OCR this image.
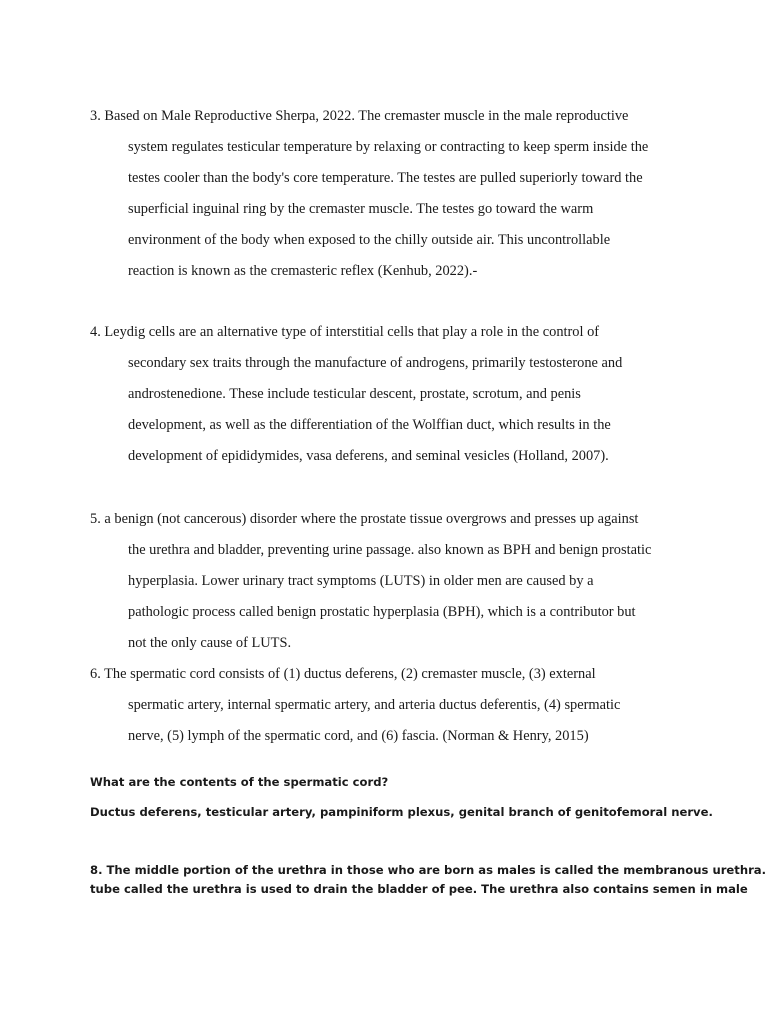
3. Based on Male Reproductive Sherpa, 2022. The cremaster muscle in the male reproductive
system regulates testicular temperature by relaxing or contracting to keep sperm inside the
testes cooler than the body's core temperature. The testes are pulled superiorly toward the
superficial inguinal ring by the cremaster muscle. The testes go toward the warm
environment of the body when exposed to the chilly outside air. This uncontrollable
reaction is known as the cremasteric reflex (Kenhub, 2022).-
4. Leydig cells are an alternative type of interstitial cells that play a role in the control of
secondary sex traits through the manufacture of androgens, primarily testosterone and
androstenedione. These include testicular descent, prostate, scrotum, and penis
development, as well as the differentiation of the Wolffian duct, which results in the
development of epididymides, vasa deferens, and seminal vesicles (Holland, 2007).
5. a benign (not cancerous) disorder where the prostate tissue overgrows and presses up against
the urethra and bladder, preventing urine passage. also known as BPH and benign prostatic
hyperplasia. Lower urinary tract symptoms (LUTS) in older men are caused by a
pathologic process called benign prostatic hyperplasia (BPH), which is a contributor but
not the only cause of LUTS.
6. The spermatic cord consists of (1) ductus deferens, (2) cremaster muscle, (3) external
spermatic artery, internal spermatic artery, and arteria ductus deferentis, (4) spermatic
nerve, (5) lymph of the spermatic cord, and (6) fascia. (Norman & Henry, 2015)
What are the contents of the spermatic cord?
Ductus deferens, testicular artery, pampiniform plexus, genital branch of genitofemoral nerve.
8. The middle portion of the urethra in those who are born as males is called the membranous urethra.
tube called the urethra is used to drain the bladder of pee. The urethra also contains semen in male
